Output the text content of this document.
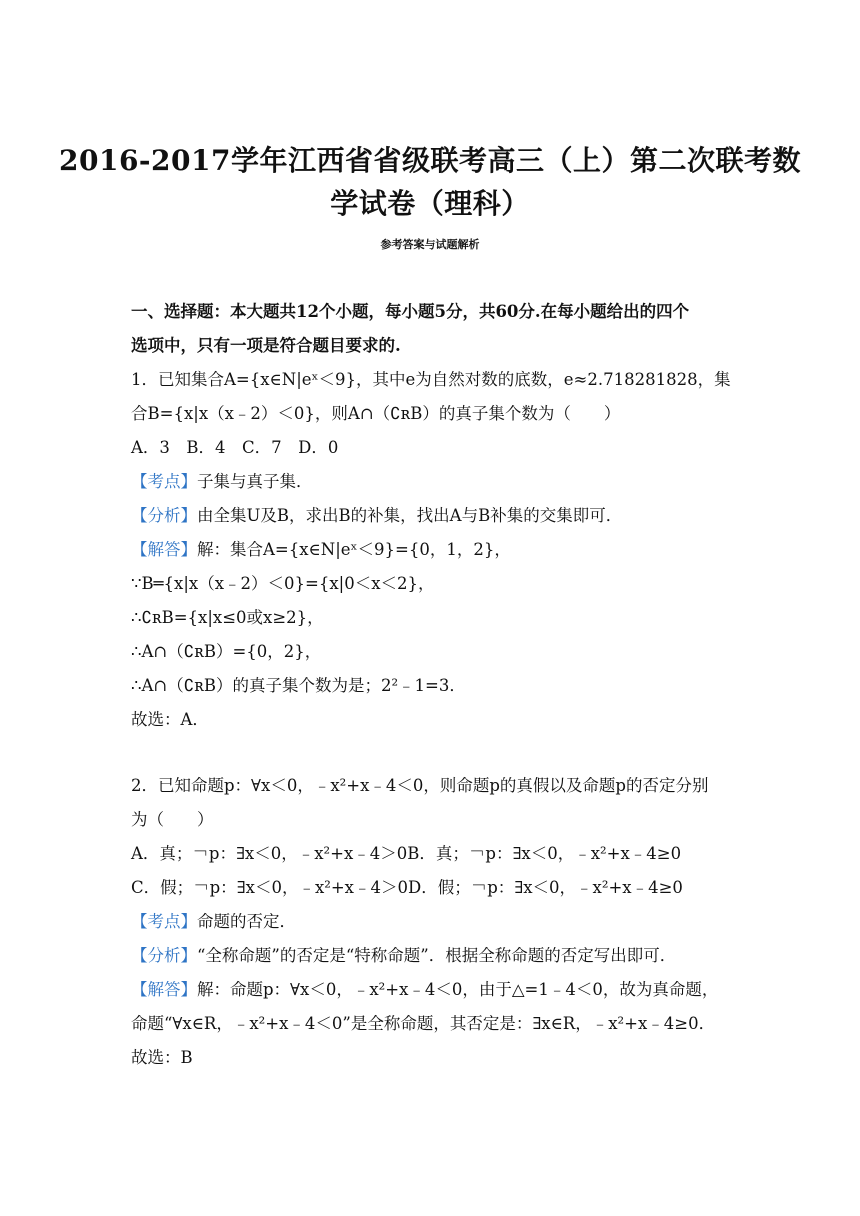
2016-2017学年江西省省级联考高三（上）第二次联考数
学试卷（理科）
参考答案与试题解析
一、选择题：本大题共12个小题，每小题5分，共60分.在每小题给出的四个
选项中，只有一项是符合题目要求的.
1．已知集合A={x∈N|eˣ＜9}，其中e为自然对数的底数，e≈2.718281828，集
合B={x|x（x﹣2）＜0}，则A∩（∁ʀB）的真子集个数为（　　）
A．3　B．4　C．7　D．0
【考点】子集与真子集．
【分析】由全集U及B，求出B的补集，找出A与B补集的交集即可．
【解答】解：集合A={x∈N|eˣ＜9}={0，1，2}，
∵B═{x|x（x﹣2）＜0}={x|0＜x＜2}，
∴∁ʀB={x|x≤0或x≥2}，
∴A∩（∁ʀB）={0，2}，
∴A∩（∁ʀB）的真子集个数为是；2²﹣1=3．
故选：A．
2．已知命题p：∀x＜0，﹣x²+x﹣4＜0，则命题p的真假以及命题p的否定分别
为（　　）
A．真；￢p：∃x＜0，﹣x²+x﹣4＞0B．真；￢p：∃x＜0，﹣x²+x﹣4≥0
C．假；￢p：∃x＜0，﹣x²+x﹣4＞0D．假；￢p：∃x＜0，﹣x²+x﹣4≥0
【考点】命题的否定．
【分析】“全称命题”的否定是“特称命题”．根据全称命题的否定写出即可．
【解答】解：命题p：∀x＜0，﹣x²+x﹣4＜0，由于△=1﹣4＜0，故为真命题，
命题“∀x∈R，﹣x²+x﹣4＜0”是全称命题，其否定是：∃x∈R，﹣x²+x﹣4≥0．
故选：B
